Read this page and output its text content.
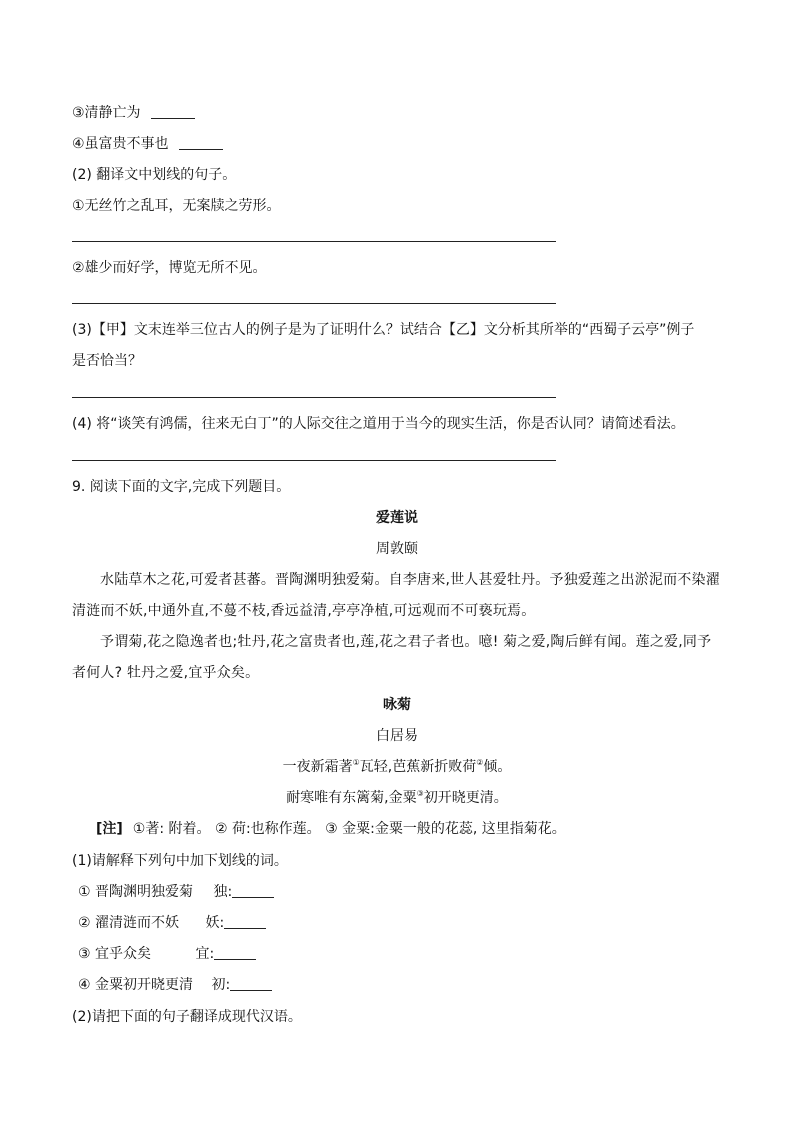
③清静亡为
④虽富贵不事也
(2) 翻译文中划线的句子。
①无丝竹之乱耳，无案牍之劳形。
②雄少而好学，博览无所不见。
(3)【甲】文末连举三位古人的例子是为了证明什么？试结合【乙】文分析其所举的“西蜀子云亭”例子
是否恰当？
(4) 将“谈笑有鸿儒，往来无白丁”的人际交往之道用于当今的现实生活，你是否认同？请简述看法。
9. 阅读下面的文字,完成下列题目。
爱莲说
周敦颐
水陆草木之花,可爱者甚蕃。晋陶渊明独爱菊。自李唐来,世人甚爱牡丹。予独爱莲之出淤泥而不染濯清涟而不妖,中通外直,不蔓不枝,香远益清,亭亭净植,可远观而不可亵玩焉。
予谓菊,花之隐逸者也;牡丹,花之富贵者也,莲,花之君子者也。噫! 菊之爱,陶后鲜有闻。莲之爱,同予者何人? 牡丹之爱,宜乎众矣。
咏菊
白居易
一夜新霜著①瓦轻,芭蕉新折败荷②倾。
耐寒唯有东篱菊,金粟③初开晓更清。
[注] ①著: 附着。 ② 荷:也称作莲。 ③ 金粟:金粟一般的花蕊, 这里指菊花。
(1)请解释下列句中加下划线的词。
① 晋陶渊明独爱菊 独:
② 濯清涟而不妖 妖:
③ 宜乎众矣	宜:
④ 金粟初开晓更清 初:
(2)请把下面的句子翻译成现代汉语。
